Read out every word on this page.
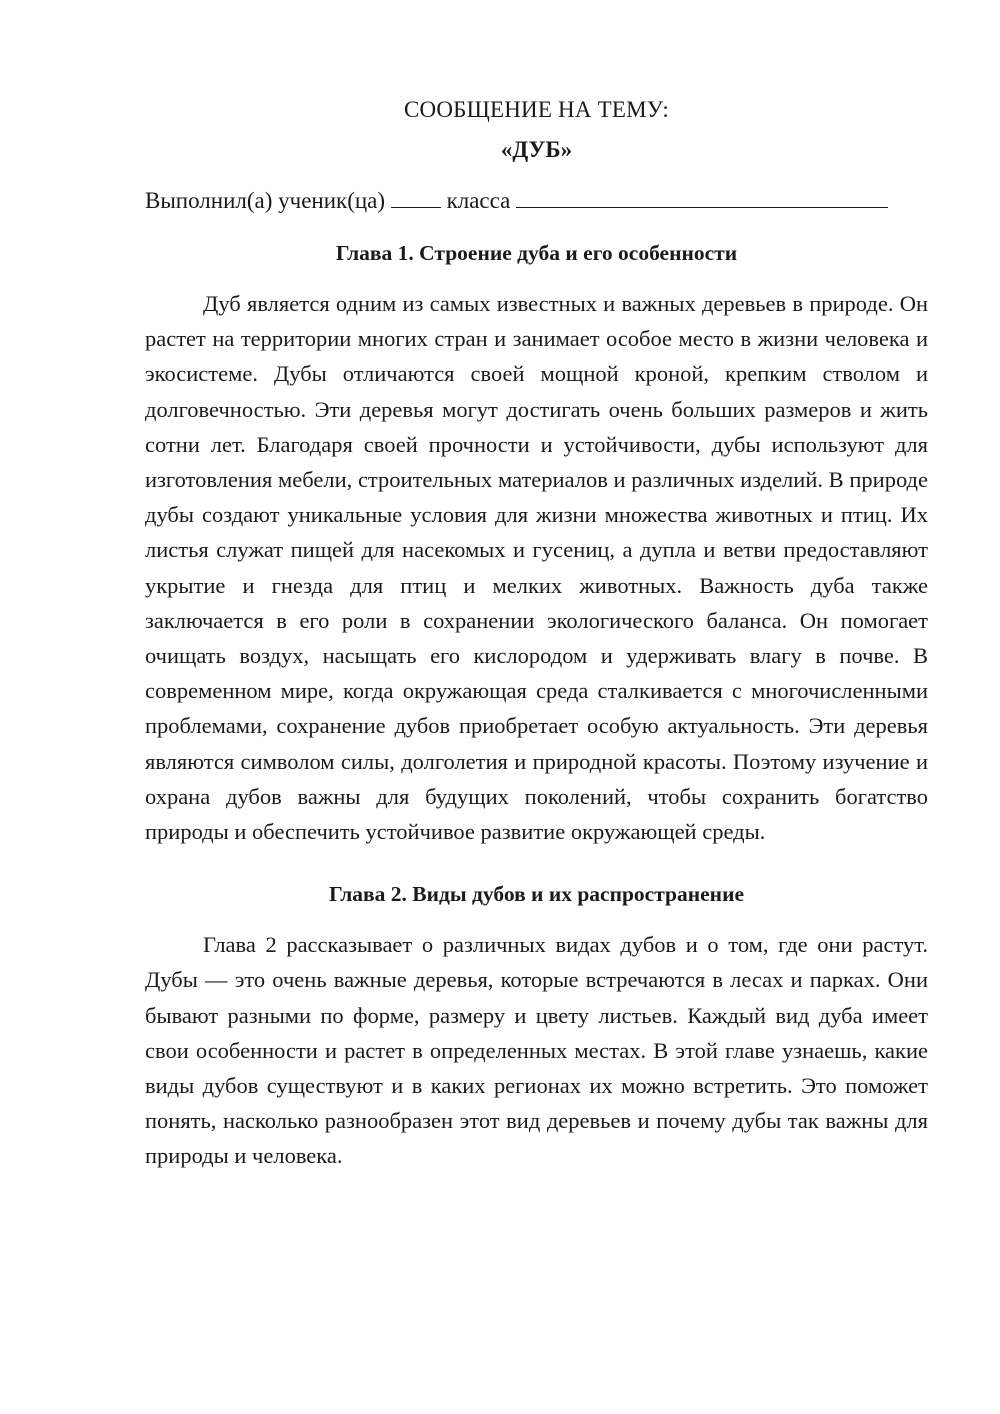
СООБЩЕНИЕ НА ТЕМУ:
«ДУБ»
Выполнил(а) ученик(ца)	класса
Глава 1. Строение дуба и его особенности

Дуб является одним из самых известных и важных деревьев в природе. Он растет на территории многих стран и занимает особое место в жизни человека и экосистеме. Дубы отличаются своей мощной кроной, крепким стволом и долговечностью. Эти деревья могут достигать очень больших размеров и жить сотни лет. Благодаря своей прочности и устойчивости, дубы используют для изготовления мебели, строительных материалов и различных изделий. В природе дубы создают уникальные условия для жизни множества животных и птиц. Их листья служат пищей для насекомых и гусениц, а дупла и ветви предоставляют укрытие и гнезда для птиц и мелких животных. Важность дуба также заключается в его роли в сохранении экологического баланса. Он помогает очищать воздух, насыщать его кислородом и удерживать влагу в почве. В современном мире, когда окружающая среда сталкивается с многочисленными проблемами, сохранение дубов приобретает особую актуальность. Эти деревья являются символом силы, долголетия и природной красоты. Поэтому изучение и охрана дубов важны для будущих поколений, чтобы сохранить богатство природы и обеспечить устойчивое развитие окружающей среды.

Глава 2. Виды дубов и их распространение

Глава 2 рассказывает о различных видах дубов и о том, где они растут. Дубы — это очень важные деревья, которые встречаются в лесах и парках. Они бывают разными по форме, размеру и цвету листьев. Каждый вид дуба имеет свои особенности и растет в определенных местах. В этой главе узнаешь, какие виды дубов существуют и в каких регионах их можно встретить. Это поможет понять, насколько разнообразен этот вид деревьев и почему дубы так важны для природы и человека.
